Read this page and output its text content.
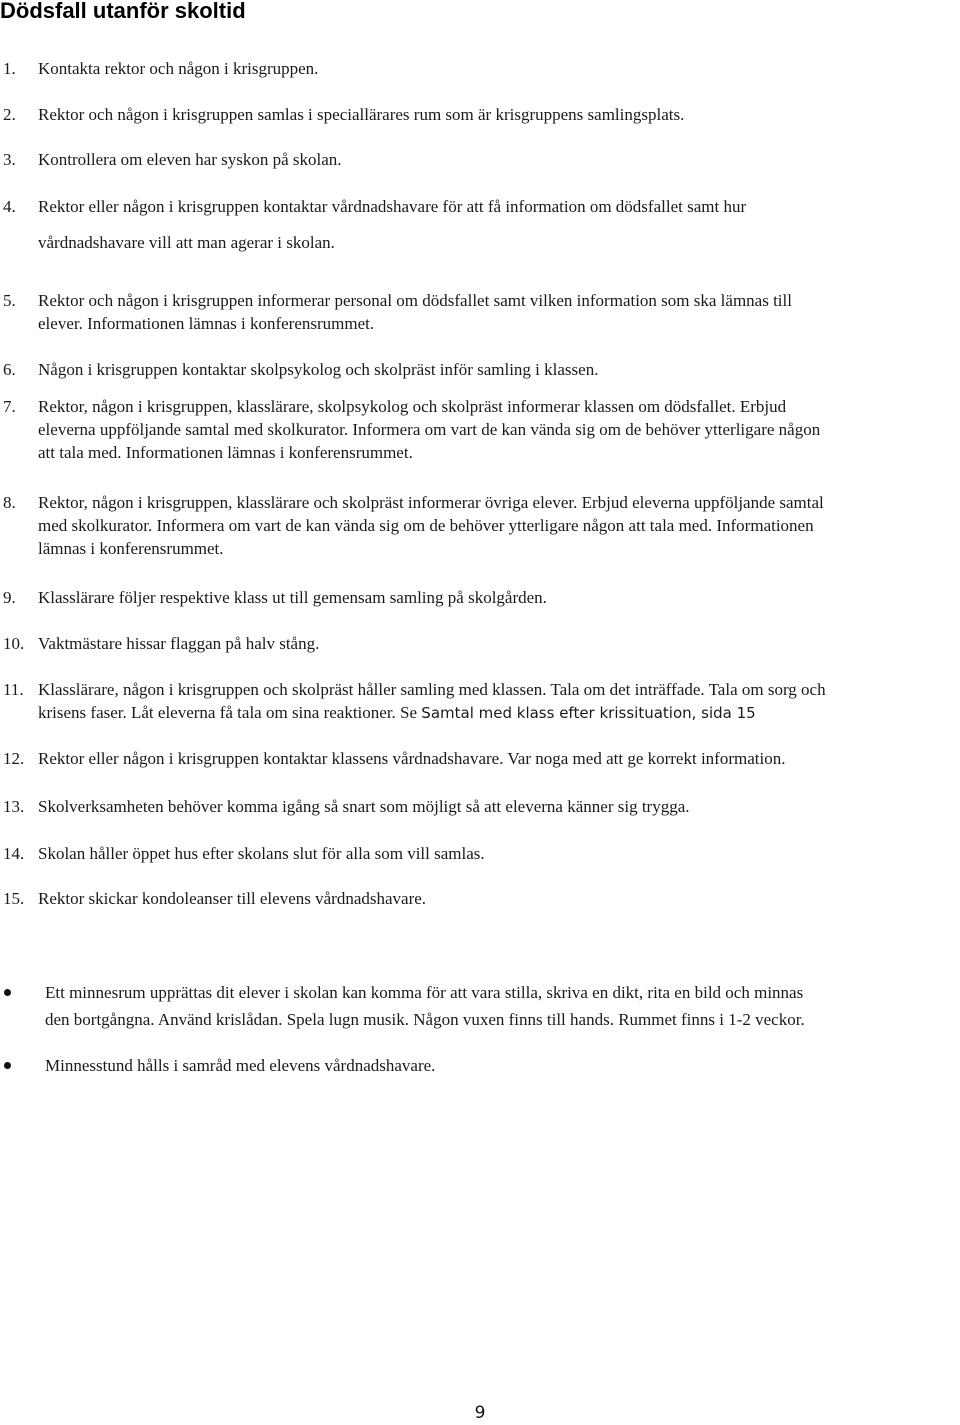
Dödsfall utanför skoltid
1. Kontakta rektor och någon i krisgruppen.
2. Rektor och någon i krisgruppen samlas i speciallärares rum som är krisgruppens samlingsplats.
3. Kontrollera om eleven har syskon på skolan.
4. Rektor eller någon i krisgruppen kontaktar vårdnadshavare för att få information om dödsfallet samt hur
vårdnadshavare vill att man agerar i skolan.
5. Rektor och någon i krisgruppen informerar personal om dödsfallet samt vilken information som ska lämnas till
elever. Informationen lämnas i konferensrummet.
6. Någon i krisgruppen kontaktar skolpsykolog och skolpräst inför samling i klassen.
7. Rektor, någon i krisgruppen, klasslärare, skolpsykolog och skolpräst informerar klassen om dödsfallet. Erbjud
eleverna uppföljande samtal med skolkurator. Informera om vart de kan vända sig om de behöver ytterligare någon
att tala med. Informationen lämnas i konferensrummet.
8. Rektor, någon i krisgruppen, klasslärare och skolpräst informerar övriga elever. Erbjud eleverna uppföljande samtal
med skolkurator. Informera om vart de kan vända sig om de behöver ytterligare någon att tala med. Informationen
lämnas i konferensrummet.
9. Klasslärare följer respektive klass ut till gemensam samling på skolgården.
10. Vaktmästare hissar flaggan på halv stång.
11. Klasslärare, någon i krisgruppen och skolpräst håller samling med klassen. Tala om det inträffade. Tala om sorg och
krisens faser. Låt eleverna få tala om sina reaktioner. Se Samtal med klass efter krissituation, sida 15
12. Rektor eller någon i krisgruppen kontaktar klassens vårdnadshavare. Var noga med att ge korrekt information.
13. Skolverksamheten behöver komma igång så snart som möjligt så att eleverna känner sig trygga.
14. Skolan håller öppet hus efter skolans slut för alla som vill samlas.
15. Rektor skickar kondoleanser till elevens vårdnadshavare.
Ett minnesrum upprättas dit elever i skolan kan komma för att vara stilla, skriva en dikt, rita en bild och minnas
den bortgångna. Använd krislådan. Spela lugn musik. Någon vuxen finns till hands. Rummet finns i 1-2 veckor.
Minnesstund hålls i samråd med elevens vårdnadshavare.
9
